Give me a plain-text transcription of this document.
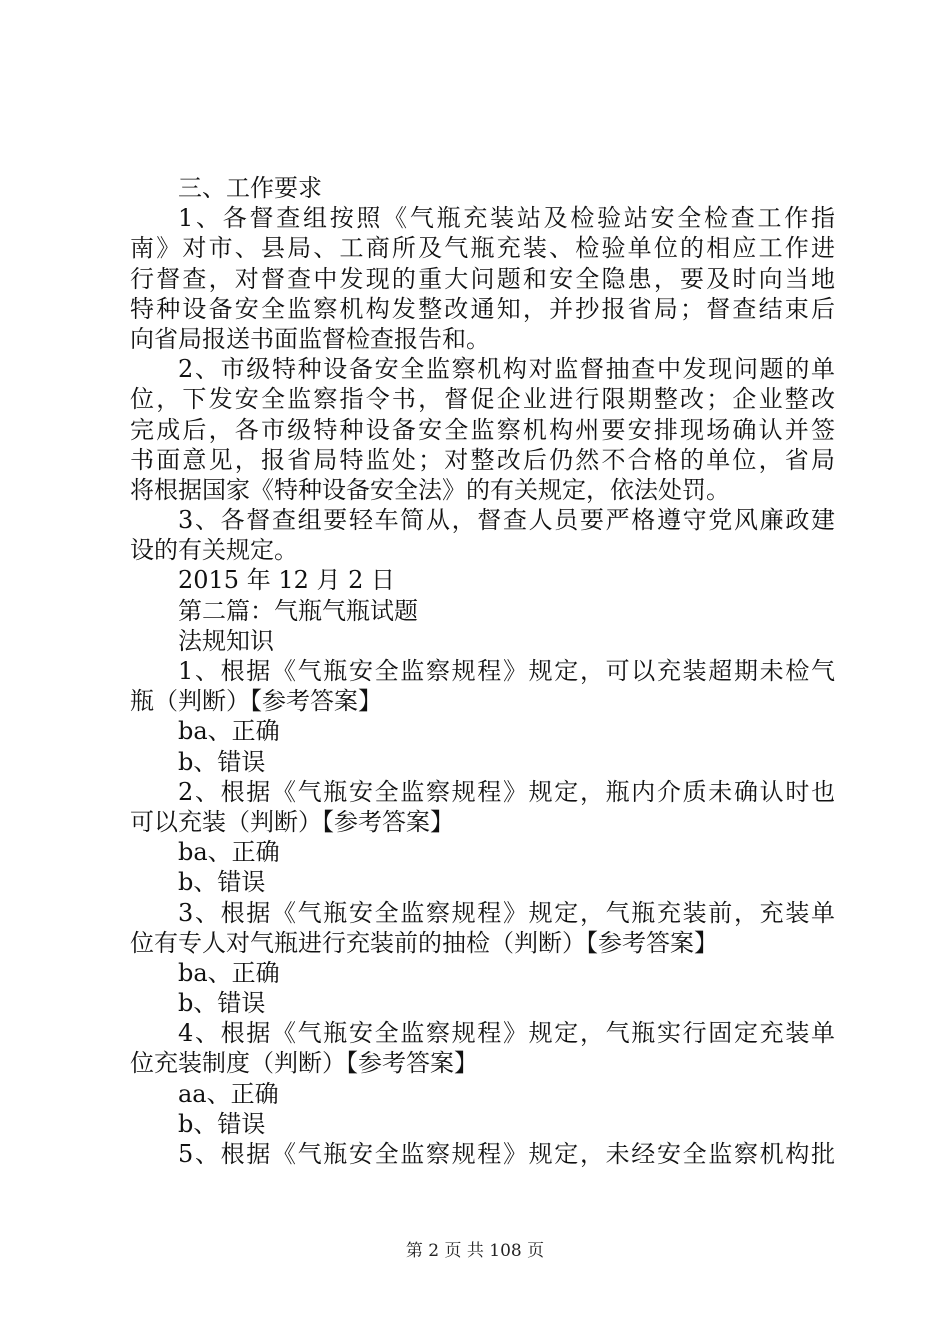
三、工作要求
1、各督查组按照《气瓶充装站及检验站安全检查工作指
南》对市、县局、工商所及气瓶充装、检验单位的相应工作进
行督查，对督查中发现的重大问题和安全隐患，要及时向当地
特种设备安全监察机构发整改通知，并抄报省局；督查结束后
向省局报送书面监督检查报告和。
2、市级特种设备安全监察机构对监督抽查中发现问题的单
位，下发安全监察指令书，督促企业进行限期整改；企业整改
完成后，各市级特种设备安全监察机构州要安排现场确认并签
书面意见，报省局特监处；对整改后仍然不合格的单位，省局
将根据国家《特种设备安全法》的有关规定，依法处罚。
3、各督查组要轻车简从，督查人员要严格遵守党风廉政建
设的有关规定。
2015 年 12 月 2 日
第二篇：气瓶气瓶试题
法规知识
1、根据《气瓶安全监察规程》规定，可以充装超期未检气
瓶（判断）【参考答案】
ba、正确
b、错误
2、根据《气瓶安全监察规程》规定，瓶内介质未确认时也
可以充装（判断）【参考答案】
ba、正确
b、错误
3、根据《气瓶安全监察规程》规定，气瓶充装前，充装单
位有专人对气瓶进行充装前的抽检（判断）【参考答案】
ba、正确
b、错误
4、根据《气瓶安全监察规程》规定，气瓶实行固定充装单
位充装制度（判断）【参考答案】
aa、正确
b、错误
5、根据《气瓶安全监察规程》规定，未经安全监察机构批
第 2 页 共 108 页
